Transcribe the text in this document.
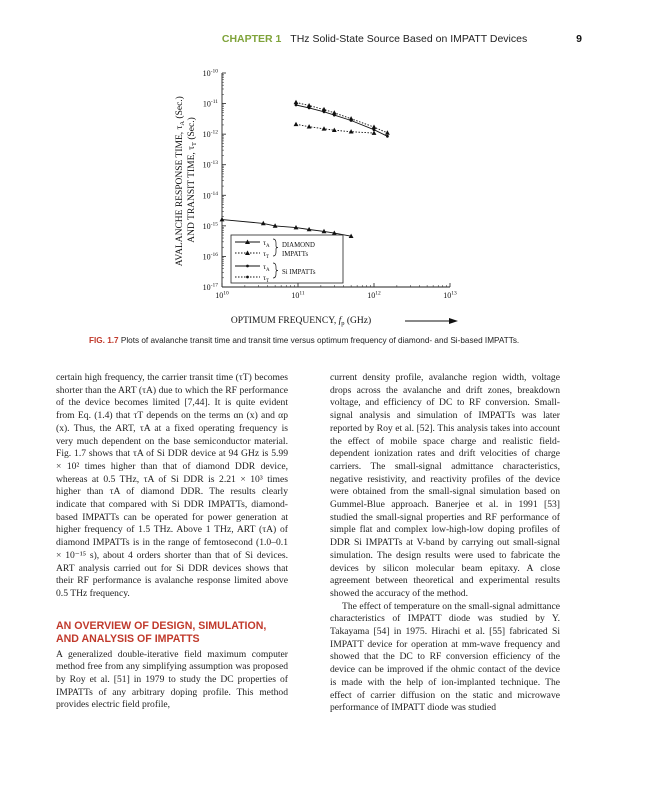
CHAPTER 1 THz Solid-State Source Based on IMPATT Devices	9
$10^{-10}$
$10^{-11}$
$10^{-12}$
$10^{-13}$
$10^{-14}$
$10^{-15}$
$10^{-16}$
$10^{-17}$
$10^{10}$	$10^{11}$	$10^{12}$	$10^{13}$
AVALANCHE RESPONSE TIME, $\tau_A$ (Sec.) AND TRANSIT TIME, $\tau_T$ (Sec.)
OPTIMUM FREQUENCY, $f_p$ (GHz)
$\tau_A$
$\tau_T$
DIAMOND IMPATTs
$\tau_A$
$\tau_T$
Si IMPATTs
FIG. 1.7 Plots of avalanche transit time and transit time versus optimum frequency of diamond- and Si-based IMPATTs.

certain high frequency, the carrier transit time (τT) becomes shorter than the ART (τA) due to which the RF performance of the device becomes limited [7,44]. It is quite evident from Eq. (1.4) that τT depends on the terms αn (x) and αp (x). Thus, the ART, τA at a fixed operating frequency is very much dependent on the base semiconductor material. Fig. 1.7 shows that τA of Si DDR device at 94 GHz is 5.99 × 10² times higher than that of diamond DDR device, whereas at 0.5 THz, τA of Si DDR is 2.21 × 10³ times higher than τA of diamond DDR. The results clearly indicate that compared with Si DDR IMPATTs, diamond-based IMPATTs can be operated for power generation at higher frequency of 1.5 THz. Above 1 THz, ART (τA) of diamond IMPATTs is in the range of femtosecond (1.0–0.1 × 10⁻¹⁵ s), about 4 orders shorter than that of Si devices. ART analysis carried out for Si DDR devices shows that their RF performance is avalanche response limited above 0.5 THz frequency.

AN OVERVIEW OF DESIGN, SIMULATION, AND ANALYSIS OF IMPATTS

A generalized double-iterative field maximum computer method free from any simplifying assumption was proposed by Roy et al. [51] in 1979 to study the DC properties of IMPATTs of any arbitrary doping profile. This method provides electric field profile,

current density profile, avalanche region width, voltage drops across the avalanche and drift zones, breakdown voltage, and efficiency of DC to RF conversion. Small-signal analysis and simulation of IMPATTs was later reported by Roy et al. [52]. This analysis takes into account the effect of mobile space charge and realistic field-dependent ionization rates and drift velocities of charge carriers. The small-signal admittance characteristics, negative resistivity, and reactivity profiles of the device were obtained from the small-signal simulation based on Gummel-Bluе approach. Banerjee et al. in 1991 [53] studied the small-signal properties and RF performance of simple flat and complex low-high-low doping profiles of DDR Si IMPATTs at V-band by carrying out small-signal simulation. The design results were used to fabricate the devices by silicon molecular beam epitaxy. A close agreement between theoretical and experimental results showed the accuracy of the method.

The effect of temperature on the small-signal admittance characteristics of IMPATT diode was studied by Y. Takayama [54] in 1975. Hirachi et al. [55] fabricated Si IMPATT device for operation at mm-wave frequency and showed that the DC to RF conversion efficiency of the device can be improved if the ohmic contact of the device is made with the help of ion-implanted technique. The effect of carrier diffusion on the static and microwave performance of IMPATT diode was studied
